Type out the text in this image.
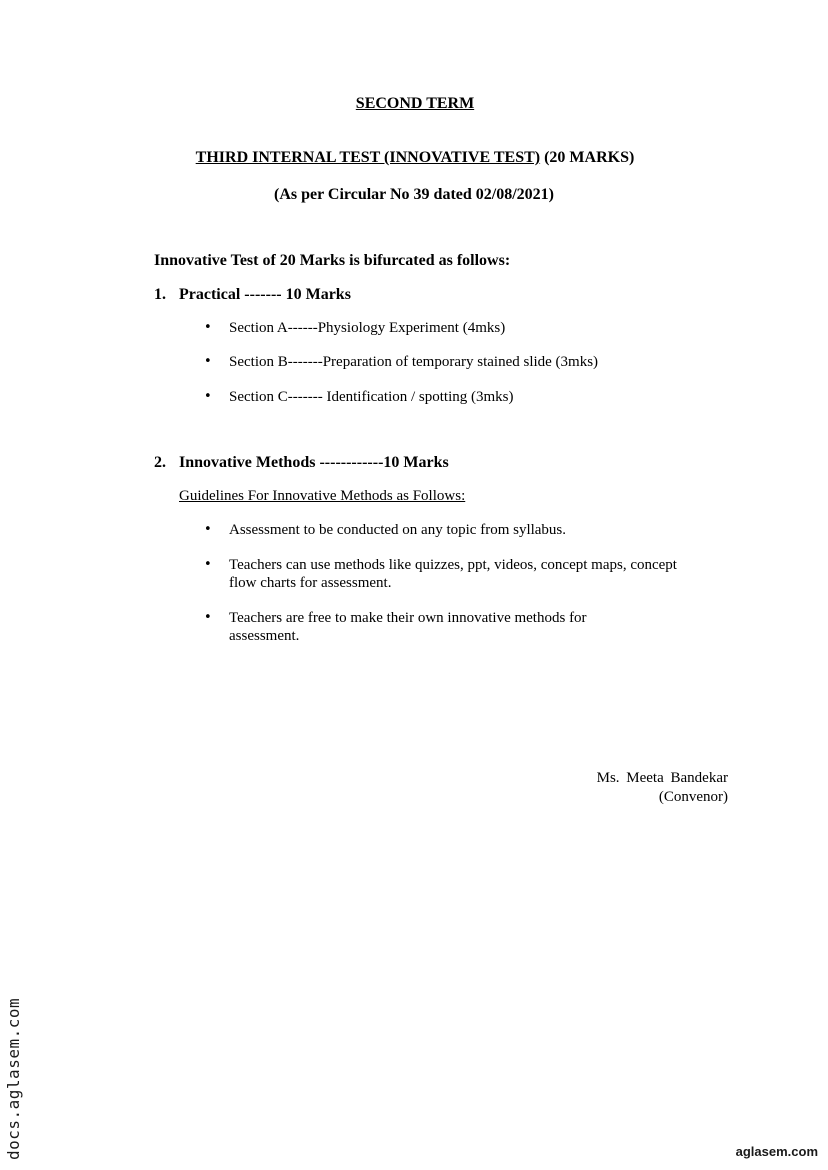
SECOND TERM
THIRD INTERNAL TEST (INNOVATIVE TEST) (20 MARKS)
(As per Circular No 39 dated 02/08/2021)
Innovative Test of 20 Marks is bifurcated as follows:
1. Practical ------- 10 Marks
•	Section A------Physiology Experiment (4mks)
•	Section B-------Preparation of temporary stained slide (3mks)
•	Section C------- Identification / spotting (3mks)
2. Innovative Methods ------------10 Marks
Guidelines For Innovative Methods as Follows:
•	Assessment to be conducted on any topic from syllabus.
•	Teachers can use methods like quizzes, ppt, videos, concept maps, concept flow charts for assessment.
•	Teachers are free to make their own innovative methods for assessment.
Ms. Meeta Bandekar
(Convenor)
docs.aglasem.com	aglasem.com
